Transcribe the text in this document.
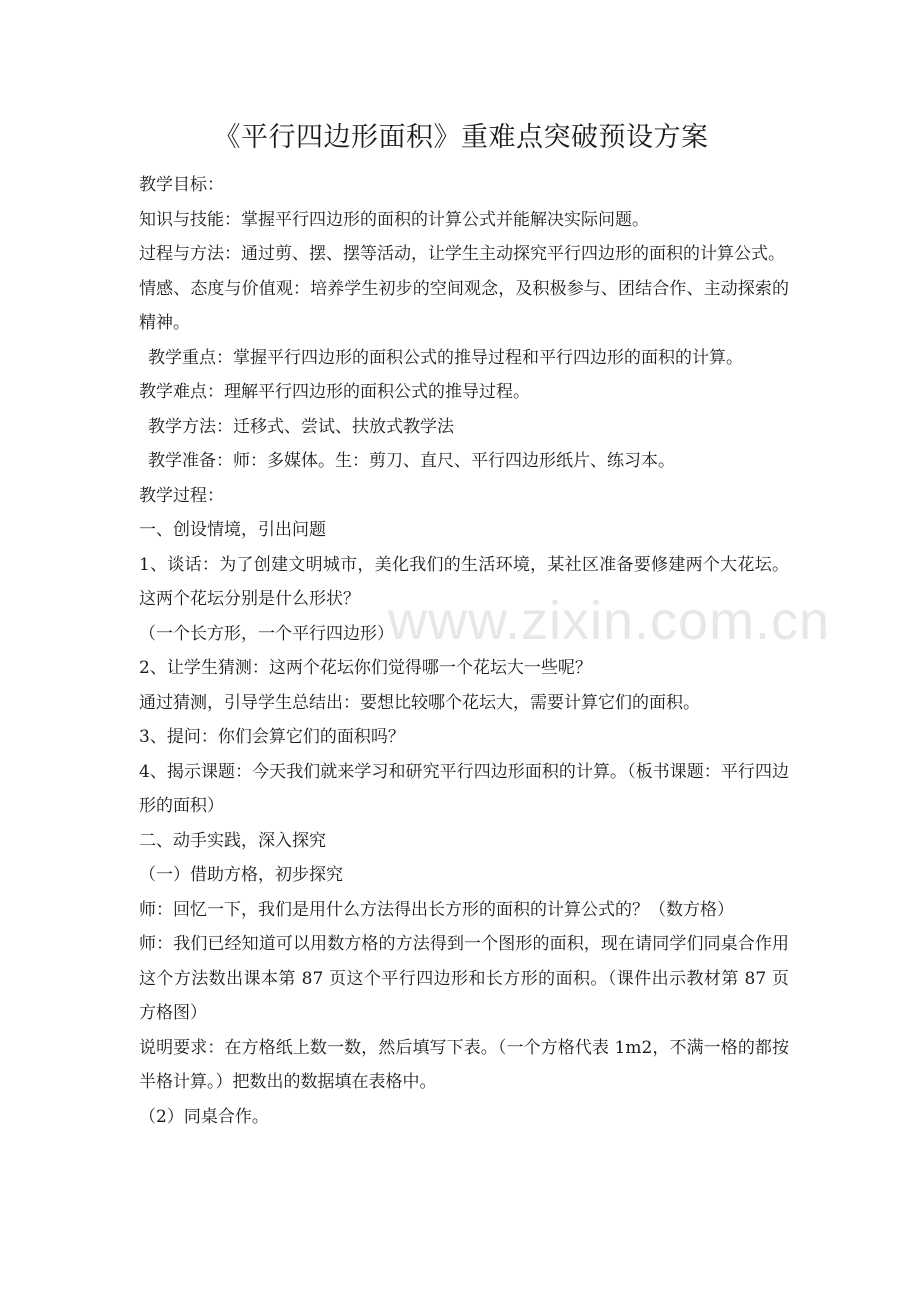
《平行四边形面积》重难点突破预设方案

教学目标：

知识与技能：掌握平行四边形的面积的计算公式并能解决实际问题。

过程与方法：通过剪、摆、摆等活动，让学生主动探究平行四边形的面积的计算公式。

情感、态度与价值观：培养学生初步的空间观念，及积极参与、团结合作、主动探索的精神。

教学重点：掌握平行四边形的面积公式的推导过程和平行四边形的面积的计算。

教学难点：理解平行四边形的面积公式的推导过程。

教学方法：迁移式、尝试、扶放式教学法

教学准备：师：多媒体。生：剪刀、直尺、平行四边形纸片、练习本。

教学过程：

一、创设情境，引出问题

1、谈话：为了创建文明城市，美化我们的生活环境，某社区准备要修建两个大花坛。这两个花坛分别是什么形状？

（一个长方形，一个平行四边形）

2、让学生猜测：这两个花坛你们觉得哪一个花坛大一些呢？

通过猜测，引导学生总结出：要想比较哪个花坛大，需要计算它们的面积。

3、提问：你们会算它们的面积吗？

4、揭示课题：今天我们就来学习和研究平行四边形面积的计算。（板书课题：平行四边形的面积）

二、动手实践，深入探究

（一）借助方格，初步探究

师：回忆一下，我们是用什么方法得出长方形的面积的计算公式的？（数方格）

师：我们已经知道可以用数方格的方法得到一个图形的面积，现在请同学们同桌合作用这个方法数出课本第 87 页这个平行四边形和长方形的面积。（课件出示教材第 87 页方格图）

说明要求：在方格纸上数一数，然后填写下表。（一个方格代表 1m2，不满一格的都按半格计算。）把数出的数据填在表格中。

（2）同桌合作。

www.zixin.com.cn
